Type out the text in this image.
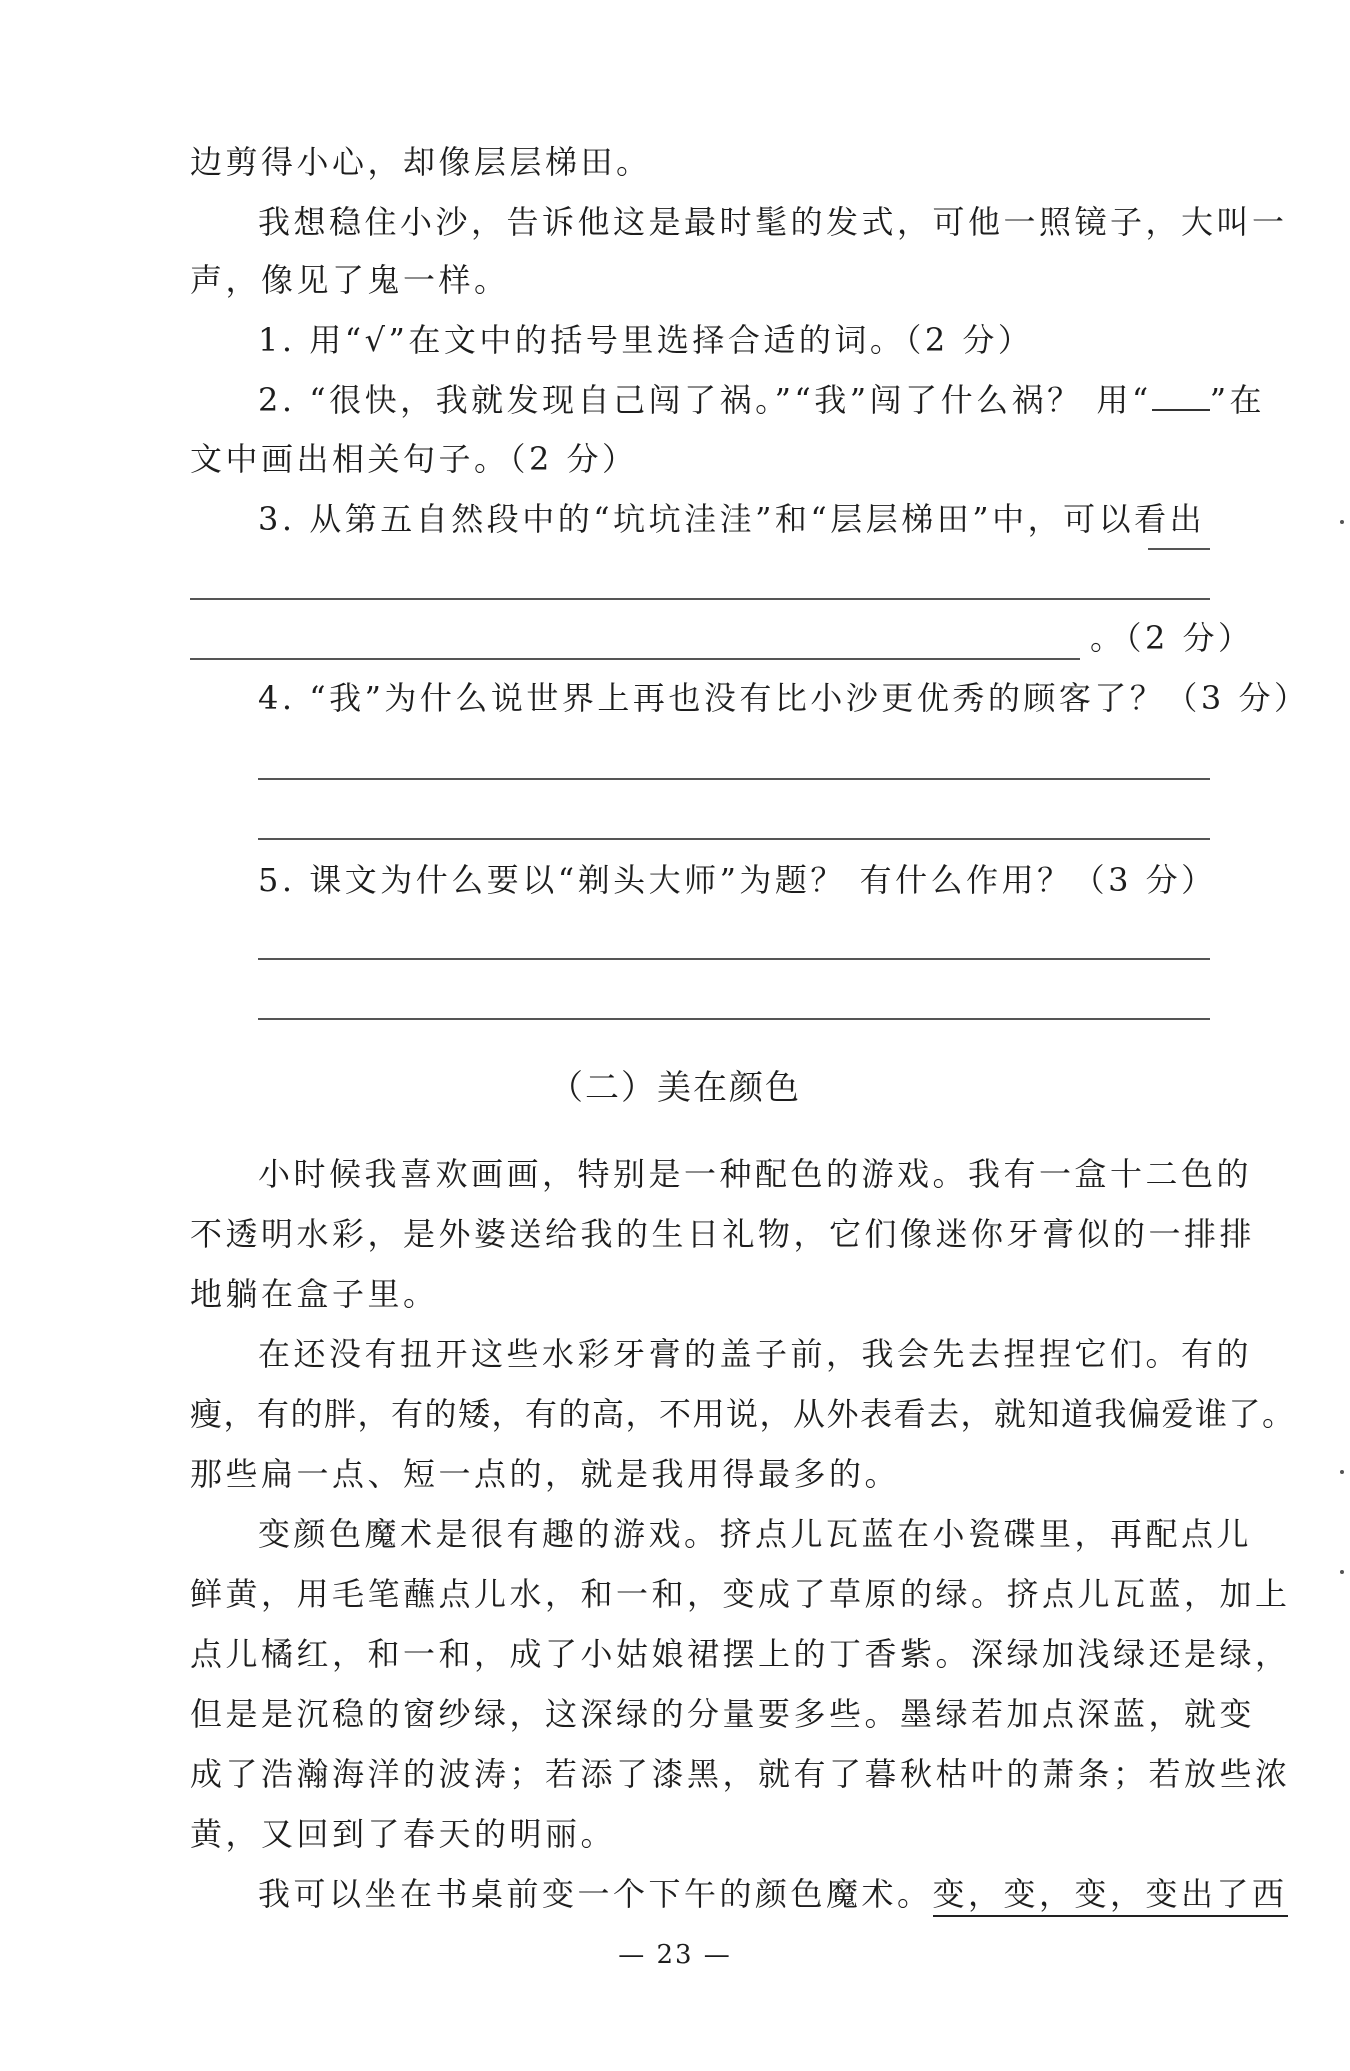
边剪得小心，却像层层梯田。
我想稳住小沙，告诉他这是最时髦的发式，可他一照镜子，大叫一
声，像见了鬼一样。
1. 用“√”在文中的括号里选择合适的词。（2 分）
2. “很快，我就发现自己闯了祸。”“我”闯了什么祸？ 用“ ”在
文中画出相关句子。（2 分）
3. 从第五自然段中的“坑坑洼洼”和“层层梯田”中，可以看出
。（2 分）
4. “我”为什么说世界上再也没有比小沙更优秀的顾客了？（3 分）
5. 课文为什么要以“剃头大师”为题？ 有什么作用？（3 分）
（二）美在颜色
小时候我喜欢画画，特别是一种配色的游戏。我有一盒十二色的
不透明水彩，是外婆送给我的生日礼物，它们像迷你牙膏似的一排排
地躺在盒子里。
在还没有扭开这些水彩牙膏的盖子前，我会先去捏捏它们。有的
瘦，有的胖，有的矮，有的高，不用说，从外表看去，就知道我偏爱谁了。
那些扁一点、短一点的，就是我用得最多的。
变颜色魔术是很有趣的游戏。挤点儿瓦蓝在小瓷碟里，再配点儿
鲜黄，用毛笔蘸点儿水，和一和，变成了草原的绿。挤点儿瓦蓝，加上
点儿橘红，和一和，成了小姑娘裙摆上的丁香紫。深绿加浅绿还是绿，
但是是沉稳的窗纱绿，这深绿的分量要多些。墨绿若加点深蓝，就变
成了浩瀚海洋的波涛；若添了漆黑，就有了暮秋枯叶的萧条；若放些浓
黄，又回到了春天的明丽。
我可以坐在书桌前变一个下午的颜色魔术。变，变，变，变出了西
— 23 —
